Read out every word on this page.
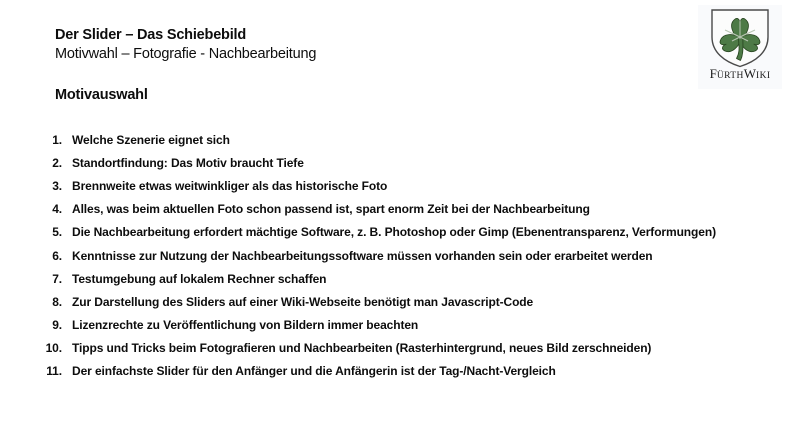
Der Slider – Das Schiebebild
Motivwahl – Fotografie - Nachbearbeitung
FÜRTHWIKI
Motivauswahl
1. Welche Szenerie eignet sich
2. Standortfindung: Das Motiv braucht Tiefe
3. Brennweite etwas weitwinkliger als das historische Foto
4. Alles, was beim aktuellen Foto schon passend ist, spart enorm Zeit bei der Nachbearbeitung
5. Die Nachbearbeitung erfordert mächtige Software, z. B. Photoshop oder Gimp (Ebenentransparenz, Verformungen)
6. Kenntnisse zur Nutzung der Nachbearbeitungssoftware müssen vorhanden sein oder erarbeitet werden
7. Testumgebung auf lokalem Rechner schaffen
8. Zur Darstellung des Sliders auf einer Wiki-Webseite benötigt man Javascript-Code
9. Lizenzrechte zu Veröffentlichung von Bildern immer beachten
10. Tipps und Tricks beim Fotografieren und Nachbearbeiten (Rasterhintergrund, neues Bild zerschneiden)
11. Der einfachste Slider für den Anfänger und die Anfängerin ist der Tag-/Nacht-Vergleich
